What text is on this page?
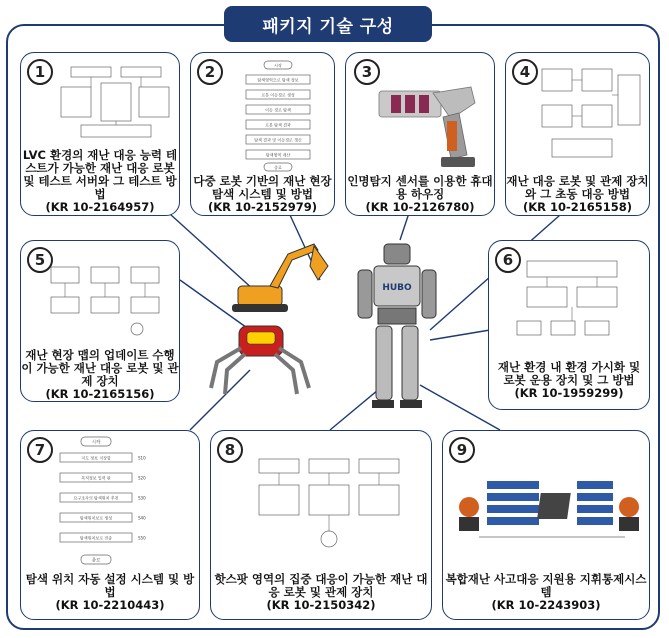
패키지 기술 구성
1
LVC 환경의 재난 대응 능력 테스트가 가능한 재난 대응 로봇 및 테스트 서버와 그 테스트 방법
(KR 10-2164957)
2	시작
탐색영역으로 탐색 정보
로봇 이동경로 생성
이동 경로 탐색
로봇 탐색 결과
탐색 결과 및 이동경로 갱신
탐색영역 계산
종료
다중 로봇 기반의 재난 현장 탐색 시스템 및 방법
(KR 10-2152979)
3
인명탐지 센서를 이용한 휴대용 하우징
(KR 10-2126780)
4
재난 대응 로봇 및 관제 장치와 그 초동 대응 방법
(KR 10-2165158)
5
재난 현장 맵의 업데이트 수행이 가능한 재난 대응 로봇 및 관제 장치
(KR 10-2165156)
6
재난 환경 내 환경 가시화 및 로봇 운용 장치 및 그 방법(KR 10-1959299)
7	시작
지도 정보 저장함	S10
목적정보 입력 판	S20
요구조자의 탐색위치 추천	S30
탐색위치보로 생성	S40
탐색위치보로 전송	S50
종료
탐색 위치 자동 설정 시스템 및 방법
(KR 10-2210443)
8
핫스팟 영역의 집중 대응이 가능한 재난 대응 로봇 및 관제 장치
(KR 10-2150342)
9
복합재난 사고대응 지원용 지휘통제시스템
(KR 10-2243903)
HUBO
